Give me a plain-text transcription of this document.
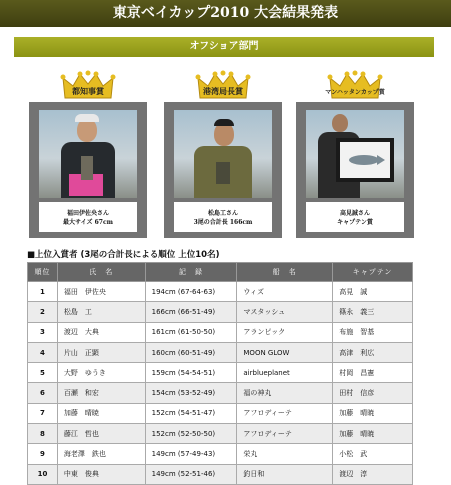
東京ベイカップ2010 大会結果発表
オフショア部門
都知事賞
福田伊佐央さん
最大サイズ 67cm
港湾局長賞
松島工さん
3尾の合計長 166cm
マンハッタンカップ賞
高見誠さん
キャプテン賞
■上位入賞者 (3尾の合計長による順位 上位10名)
順位	氏　名	記　録	船　名	キャプテン
1	福田　伊佐央	194cm (67-64-63)	ウィズ	高見　誠
2	松島　工	166cm (66-51-49)	マスタッシュ	篠永　義三
3	渡辺　大典	161cm (61-50-50)	アランピック	布施　智基
4	片山　正顕	160cm (60-51-49)	MOON GLOW	高津　利広
5	大野　ゆうき	159cm (54-54-51)	airblueplanet	村岡　昌憲
6	百瀬　和宏	154cm (53-52-49)	福の神丸	田村　信彦
7	加藤　晴暁	152cm (54-51-47)	アフロディーテ	加藤　晴暁
8	藤江　哲也	152cm (52-50-50)	アフロディーテ	加藤　晴暁
9	海老澤　鉄也	149cm (57-49-43)	栄丸	小松　武
10	中東　俊典	149cm (52-51-46)	釣日和	渡辺　淳
